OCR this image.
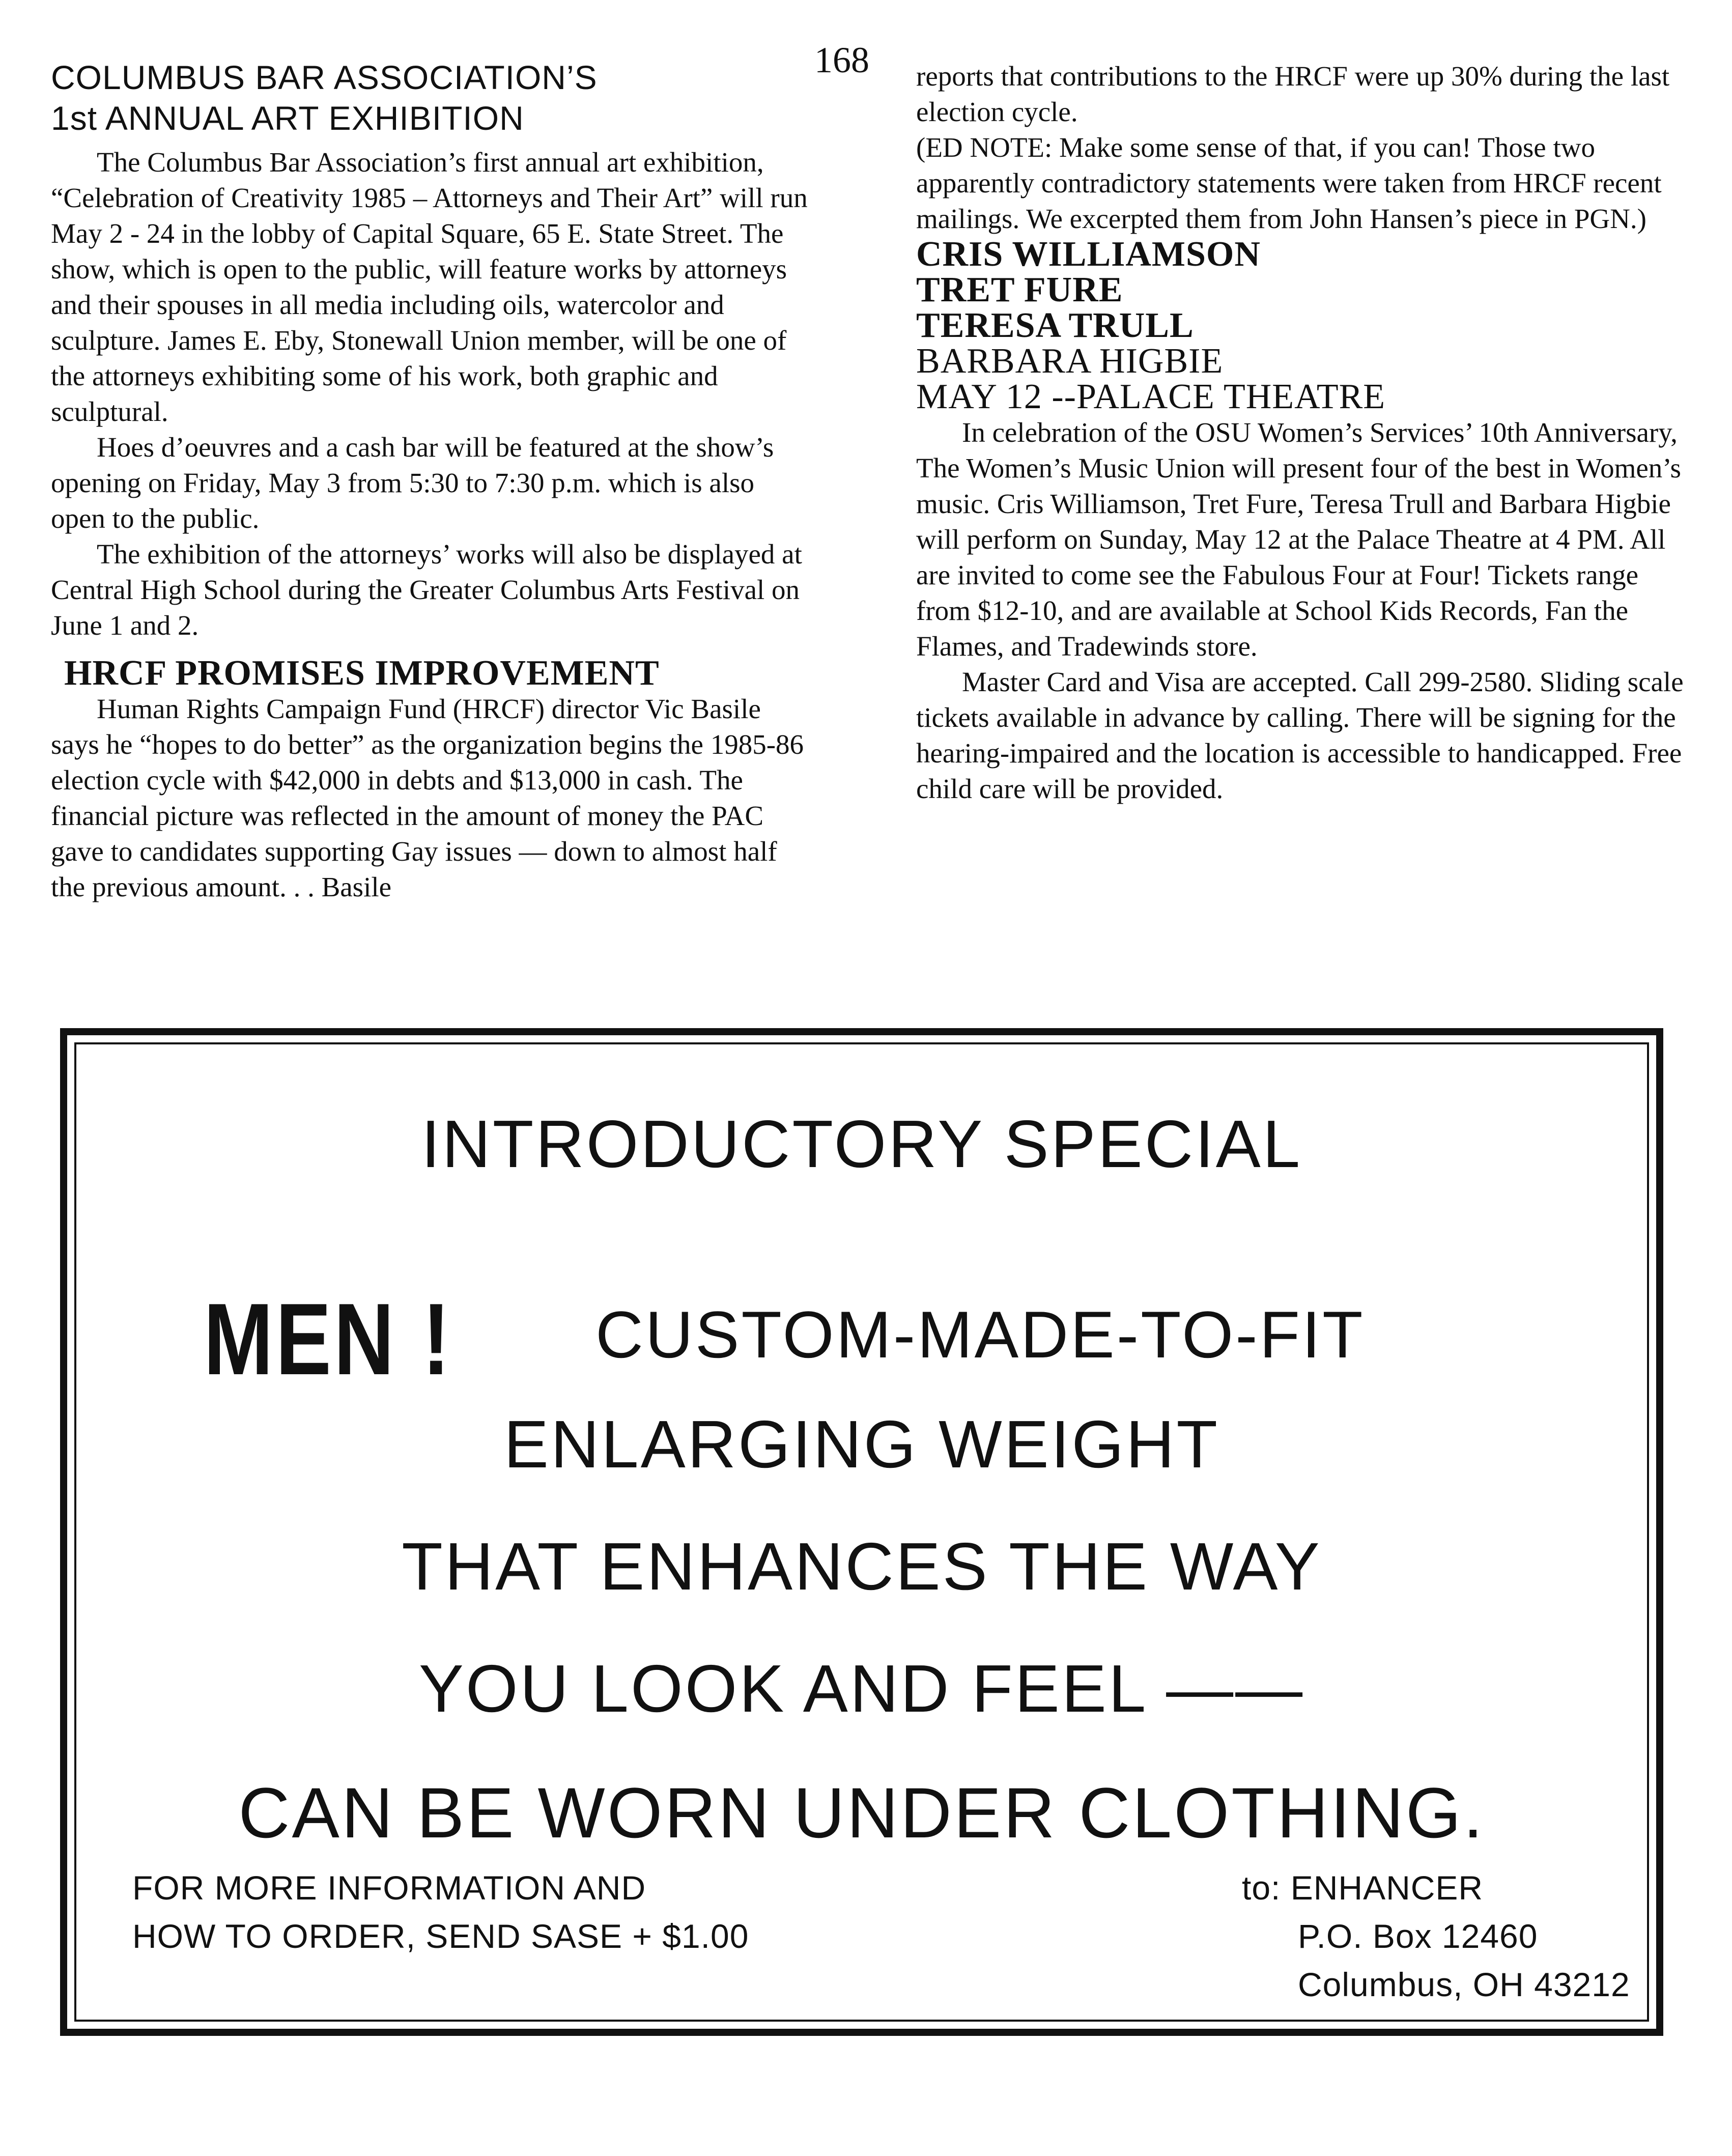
168
COLUMBUS BAR ASSOCIATION’S
1st ANNUAL ART EXHIBITION

The Columbus Bar Association’s first annual art exhibition, “Celebration of Creativity 1985 – Attorneys and Their Art” will run May 2 - 24 in the lobby of Capital Square, 65 E. State Street. The show, which is open to the public, will feature works by attorneys and their spouses in all media including oils, watercolor and sculpture. James E. Eby, Stonewall Union member, will be one of the attorneys exhibiting some of his work, both graphic and sculptural.

Hoes d’oeuvres and a cash bar will be featured at the show’s opening on Friday, May 3 from 5:30 to 7:30 p.m. which is also open to the public.

The exhibition of the attorneys’ works will also be displayed at Central High School during the Greater Columbus Arts Festival on June 1 and 2.

HRCF PROMISES IMPROVEMENT

Human Rights Campaign Fund (HRCF) director Vic Basile says he “hopes to do better” as the organization begins the 1985-86 election cycle with $42,000 in debts and $13,000 in cash. The financial picture was reflected in the amount of money the PAC gave to candidates supporting Gay issues — down to almost half the previous amount. . . Basile

reports that contributions to the HRCF were up 30% during the last election cycle.

(ED NOTE: Make some sense of that, if you can! Those two apparently contradictory statements were taken from HRCF recent mailings. We excerpted them from John Hansen’s piece in PGN.)

CRIS WILLIAMSON
TRET FURE
TERESA TRULL
BARBARA HIGBIE
MAY 12 --PALACE THEATRE

In celebration of the OSU Women’s Services’ 10th Anniversary, The Women’s Music Union will present four of the best in Women’s music. Cris Williamson, Tret Fure, Teresa Trull and Barbara Higbie will perform on Sunday, May 12 at the Palace Theatre at 4 PM. All are invited to come see the Fabulous Four at Four! Tickets range from $12-10, and are available at School Kids Records, Fan the Flames, and Tradewinds store.

Master Card and Visa are accepted. Call 299-2580. Sliding scale tickets available in advance by calling. There will be signing for the hearing-impaired and the location is accessible to handicapped. Free child care will be provided.

INTRODUCTORY SPECIAL
MEN ! CUSTOM-MADE-TO-FIT
ENLARGING WEIGHT
THAT ENHANCES THE WAY
YOU LOOK AND FEEL ——
CAN BE WORN UNDER CLOTHING.
FOR MORE INFORMATION AND
HOW TO ORDER, SEND SASE + $1.00
to: ENHANCER
P.O. Box 12460
Columbus, OH 43212
